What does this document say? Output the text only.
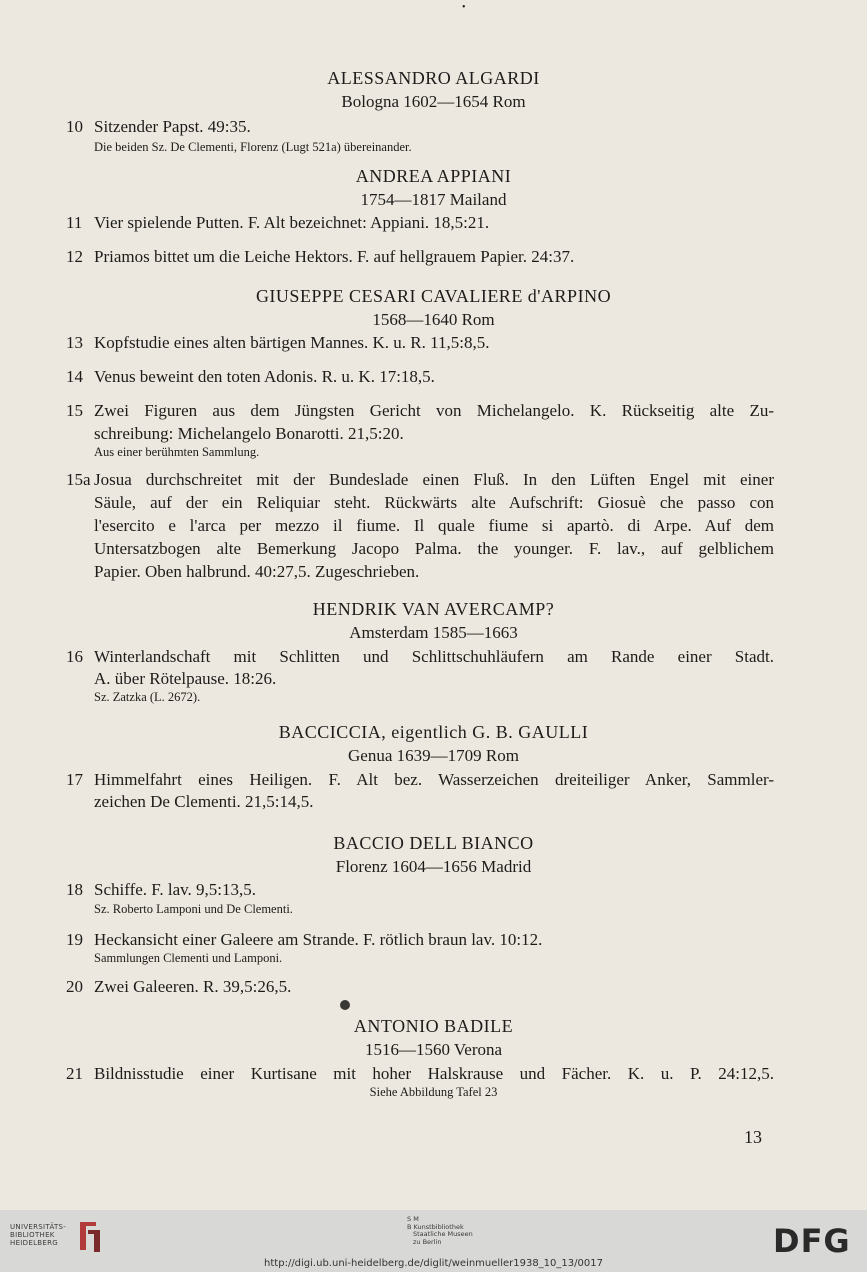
•
ALESSANDRO ALGARDI
Bologna 1602—1654 Rom
10 Sitzender Papst. 49:35.
Die beiden Sz. De Clementi, Florenz (Lugt 521a) übereinander.
ANDREA APPIANI
1754—1817 Mailand
11 Vier spielende Putten. F. Alt bezeichnet: Appiani. 18,5:21.
12 Priamos bittet um die Leiche Hektors. F. auf hellgrauem Papier. 24:37.
GIUSEPPE CESARI CAVALIERE d'ARPINO
1568—1640 Rom
13 Kopfstudie eines alten bärtigen Mannes. K. u. R. 11,5:8,5.
14 Venus beweint den toten Adonis. R. u. K. 17:18,5.
15 Zwei Figuren aus dem Jüngsten Gericht von Michelangelo. K. Rückseitig alte Zu-
schreibung: Michelangelo Bonarotti. 21,5:20.
Aus einer berühmten Sammlung.
15a Josua durchschreitet mit der Bundeslade einen Fluß. In den Lüften Engel mit einer
Säule, auf der ein Reliquiar steht. Rückwärts alte Aufschrift: Giosuè che passo con
l'esercito e l'arca per mezzo il fiume. Il quale fiume si apartò. di Arpe. Auf dem
Untersatzbogen alte Bemerkung Jacopo Palma. the younger. F. lav., auf gelblichem
Papier. Oben halbrund. 40:27,5. Zugeschrieben.
HENDRIK VAN AVERCAMP?
Amsterdam 1585—1663
16 Winterlandschaft mit Schlitten und Schlittschuhläufern am Rande einer Stadt.
A. über Rötelpause. 18:26.
Sz. Zatzka (L. 2672).
BACCICCIA, eigentlich G. B. GAULLI
Genua 1639—1709 Rom
17 Himmelfahrt eines Heiligen. F. Alt bez. Wasserzeichen dreiteiliger Anker, Sammler-
zeichen De Clementi. 21,5:14,5.
BACCIO DELL BIANCO
Florenz 1604—1656 Madrid
18 Schiffe. F. lav. 9,5:13,5.
Sz. Roberto Lamponi und De Clementi.
19 Heckansicht einer Galeere am Strande. F. rötlich braun lav. 10:12.
Sammlungen Clementi und Lamponi.
20 Zwei Galeeren. R. 39,5:26,5.
ANTONIO BADILE
1516—1560 Verona
21 Bildnisstudie einer Kurtisane mit hoher Halskrause und Fächer. K. u. P. 24:12,5.
Siehe Abbildung Tafel 23
13
UNIVERSITÄTS-
BIBLIOTHEK
HEIDELBERG
S M
B Kunstbibliothek
Staatliche Museen
zu Berlin	DFG
http://digi.ub.uni-heidelberg.de/diglit/weinmueller1938_10_13/0017
